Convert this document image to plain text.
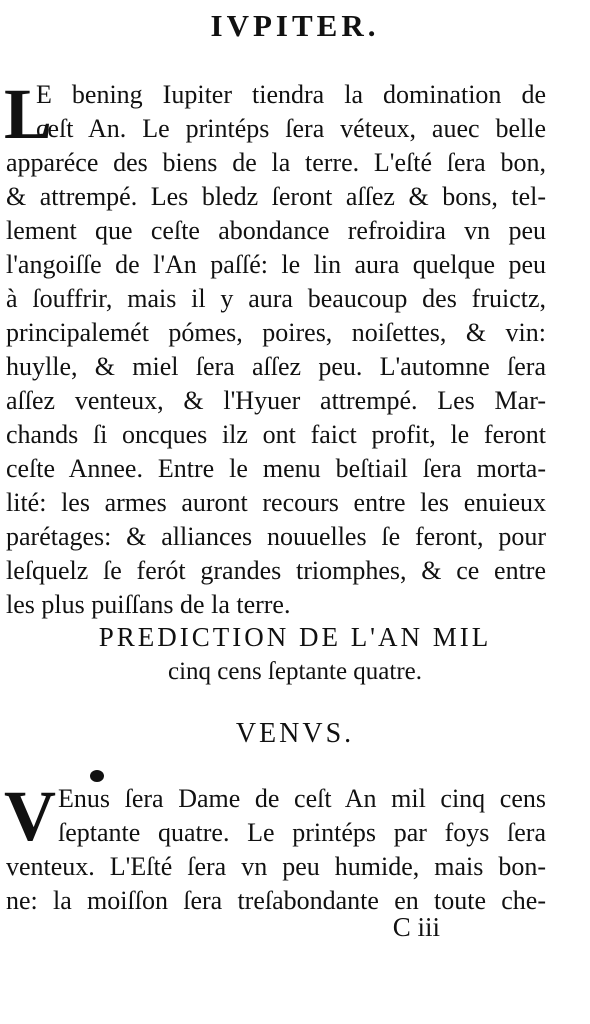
IVPITER.
L
E bening Iupiter tiendra la domination de
ceſt An. Le printéps ſera véteux, auec belle
apparéce des biens de la terre. L'eſté ſera bon,
& attrempé. Les bledz ſeront aſſez & bons, tel-
lement que ceſte abondance refroidira vn peu
l'angoiſſe de l'An paſſé: le lin aura quelque peu
à ſouffrir, mais il y aura beaucoup des fruictz,
principalemét pómes, poires, noiſettes, & vin:
huylle, & miel ſera aſſez peu. L'automne ſera
aſſez venteux, & l'Hyuer attrempé. Les Mar-
chands ſi oncques ilz ont faict profit, le feront
ceſte Annee. Entre le menu beſtiail ſera morta-
lité: les armes auront recours entre les enuieux
parétages: & alliances nouuelles ſe feront, pour
leſquelz ſe ferót grandes triomphes, & ce entre
les plus puiſſans de la terre.
PREDICTION DE L'AN MIL
cinq cens ſeptante quatre.
VENVS.
V Enus ſera Dame de ceſt An mil cinq cens
ſeptante quatre. Le printéps par foys ſera
venteux. L'Eſté ſera vn peu humide, mais bon-
ne: la moiſſon ſera treſabondante en toute che-
C iii
